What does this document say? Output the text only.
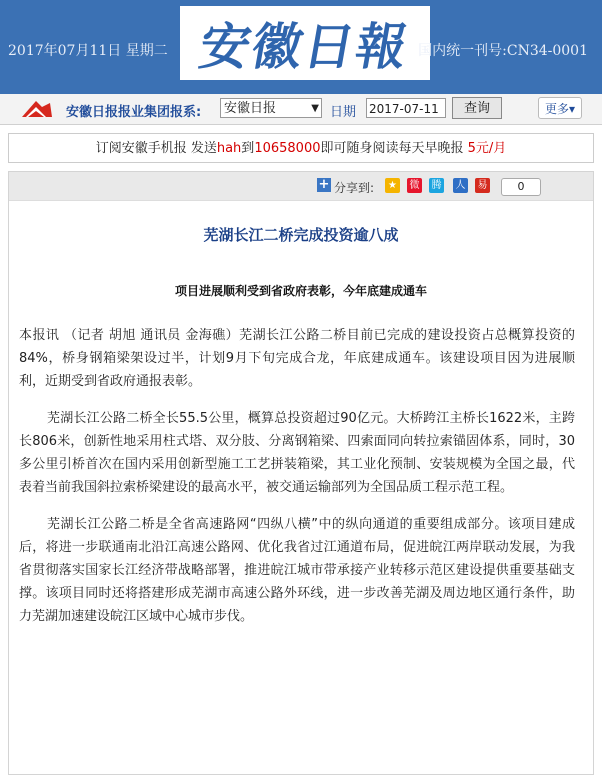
2017年07月11日 星期二 安徽日報 国内统一刊号:CN34-0001
安徽日报报业集团报系:	安徽日报	▼ 日期 2017-07-11	查询	更多▾
订阅安徽手机报 发送hah到10658000即可随身阅读每天早晚报 5元/月
+ 分享到:	★	微 腾 人 易	0
芜湖长江二桥完成投资逾八成
项目进展顺利受到省政府表彰，今年底建成通车

本报讯 （记者 胡旭 通讯员 金海礁）芜湖长江公路二桥目前已完成的建设投资占总概算投资的84%，桥身钢箱梁架设过半，计划9月下旬完成合龙，年底建成通车。该建设项目因为进展顺利，近期受到省政府通报表彰。

芜湖长江公路二桥全长55.5公里，概算总投资超过90亿元。大桥跨江主桥长1622米，主跨长806米，创新性地采用柱式塔、双分肢、分离钢箱梁、四索面同向转拉索锚固体系，同时，30多公里引桥首次在国内采用创新型施工工艺拼装箱梁，其工业化预制、安装规模为全国之最，代表着当前我国斜拉索桥梁建设的最高水平，被交通运输部列为全国品质工程示范工程。

芜湖长江公路二桥是全省高速路网“四纵八横”中的纵向通道的重要组成部分。该项目建成后，将进一步联通南北沿江高速公路网、优化我省过江通道布局，促进皖江两岸联动发展，为我省贯彻落实国家长江经济带战略部署，推进皖江城市带承接产业转移示范区建设提供重要基础支撑。该项目同时还将搭建形成芜湖市高速公路外环线，进一步改善芜湖及周边地区通行条件，助力芜湖加速建设皖江区域中心城市步伐。
